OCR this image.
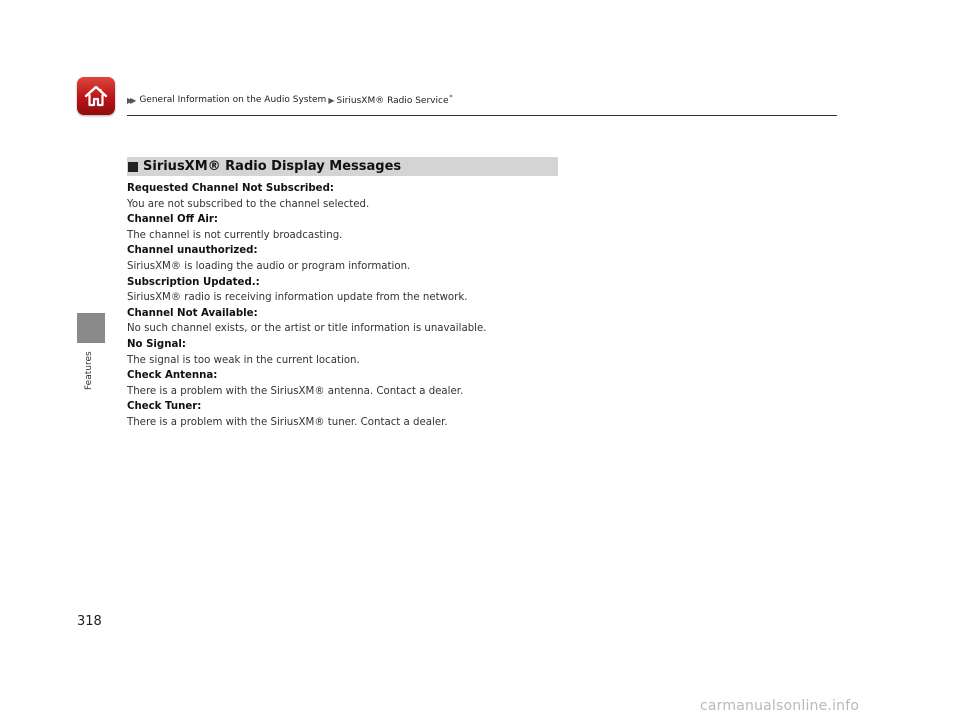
▶▶ General Information on the Audio System ▶ SiriusXM® Radio Service*
Features
SiriusXM® Radio Display Messages

Requested Channel Not Subscribed:

You are not subscribed to the channel selected.

Channel Off Air:

The channel is not currently broadcasting.

Channel unauthorized:

SiriusXM® is loading the audio or program information.

Subscription Updated.:

SiriusXM® radio is receiving information update from the network.

Channel Not Available:

No such channel exists, or the artist or title information is unavailable.

No Signal:

The signal is too weak in the current location.

Check Antenna:

There is a problem with the SiriusXM® antenna. Contact a dealer.

Check Tuner:

There is a problem with the SiriusXM® tuner. Contact a dealer.

318
carmanualsonline.info
